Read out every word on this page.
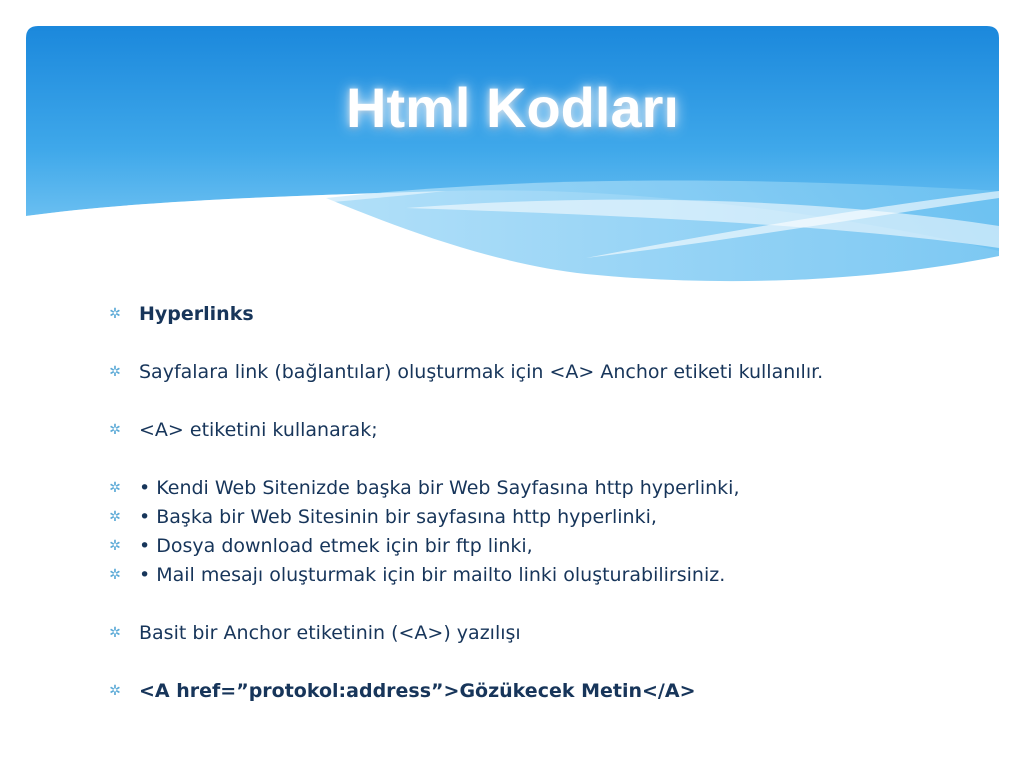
Html Kodları
✲ Hyperlinks
✲ Sayfalara link (bağlantılar) oluşturmak için <A> Anchor etiketi kullanılır.
✲ <A> etiketini kullanarak;
✲ • Kendi Web Sitenizde başka bir Web Sayfasına http hyperlinki,
✲ • Başka bir Web Sitesinin bir sayfasına http hyperlinki,
✲ • Dosya download etmek için bir ftp linki,
✲ • Mail mesajı oluşturmak için bir mailto linki oluşturabilirsiniz.
✲ Basit bir Anchor etiketinin (<A>) yazılışı
✲ <A href=”protokol:address”>Gözükecek Metin</A>
